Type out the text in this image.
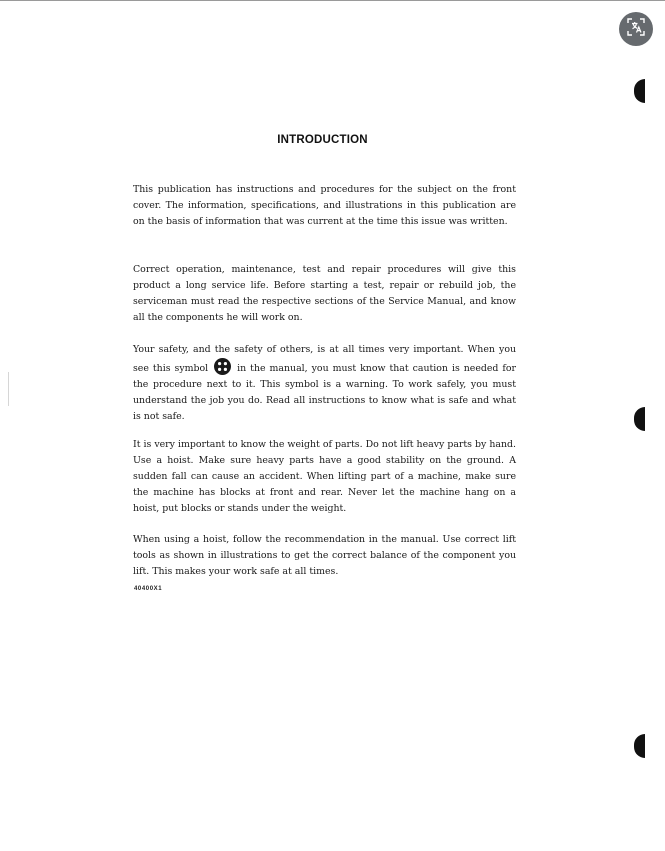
INTRODUCTION

This publication has instructions and procedures for the subject on the front cover. The information, specifications, and illustrations in this publication are on the basis of information that was current at the time this issue was written.

Correct operation, maintenance, test and repair procedures will give this product a long service life. Before starting a test, repair or rebuild job, the serviceman must read the respective sections of the Service Manual, and know all the components he will work on.

Your safety, and the safety of others, is at all times very important. When you see this symbol	in the manual, you must know that caution is needed for the procedure next to it. This symbol is a warning. To work safely, you must understand the job you do. Read all instructions to know what is safe and what is not safe.

It is very important to know the weight of parts. Do not lift heavy parts by hand. Use a hoist. Make sure heavy parts have a good stability on the ground. A sudden fall can cause an accident. When lifting part of a machine, make sure the machine has blocks at front and rear. Never let the machine hang on a hoist, put blocks or stands under the weight.

When using a hoist, follow the recommendation in the manual. Use correct lift tools as shown in illustrations to get the correct balance of the component you lift. This makes your work safe at all times.

40400X1
